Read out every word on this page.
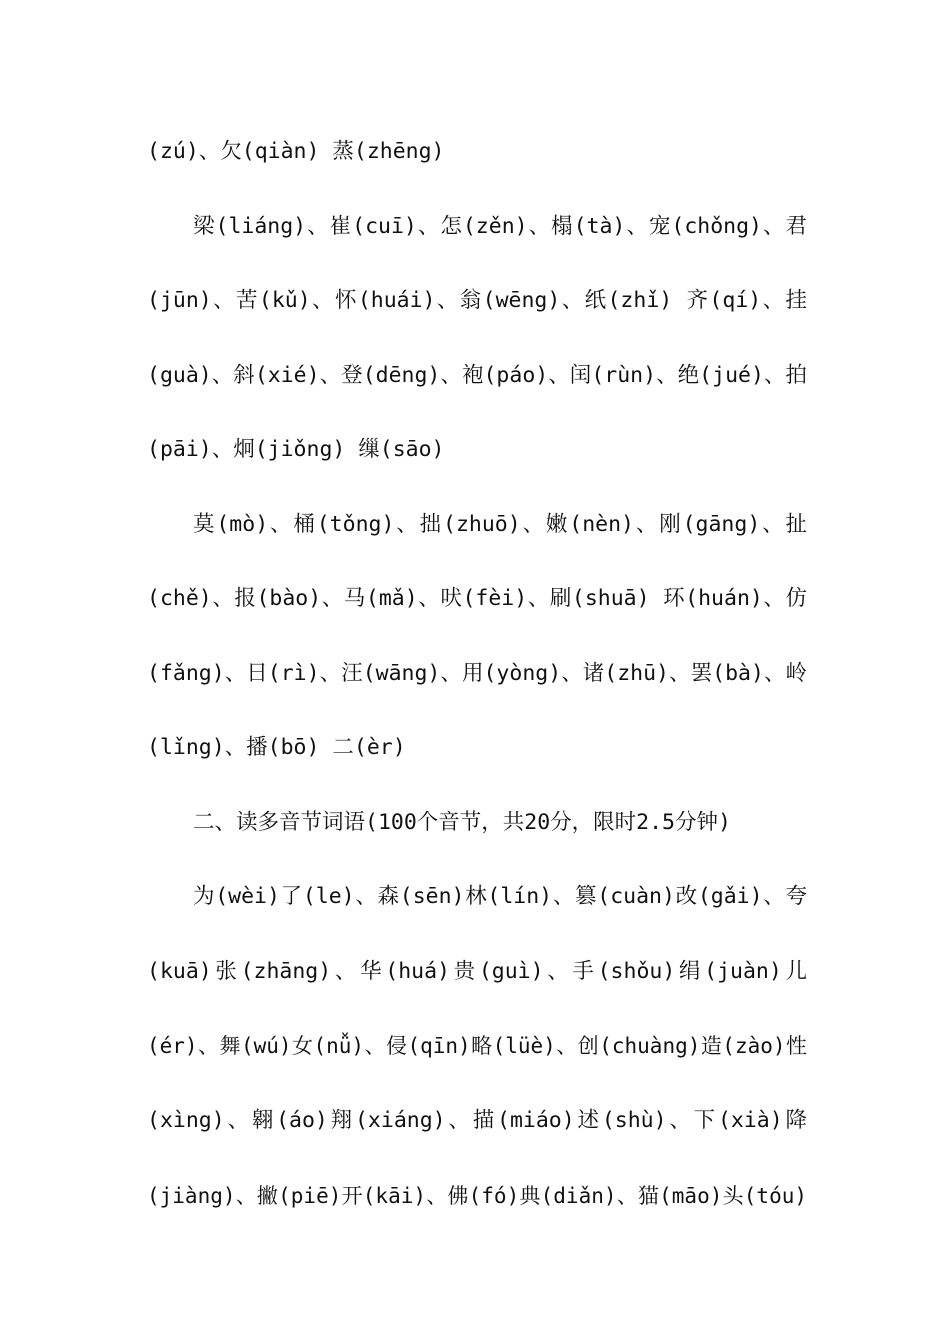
(zú)、欠(qiàn) 蒸(zhēng)
梁(liáng)、崔(cuī)、怎(zěn)、榻(tà)、宠(chǒng)、君
(jūn)、苦(kǔ)、怀(huái)、翁(wēng)、纸(zhǐ) 齐(qí)、挂
(guà)、斜(xié)、登(dēng)、袍(páo)、闰(rùn)、绝(jué)、拍
(pāi)、炯(jiǒng) 缫(sāo)
莫(mò)、桶(tǒng)、拙(zhuō)、嫩(nèn)、刚(gāng)、扯
(chě)、报(bào)、马(mǎ)、吠(fèi)、刷(shuā) 环(huán)、仿
(fǎng)、日(rì)、汪(wāng)、用(yòng)、诸(zhū)、罢(bà)、岭
(lǐng)、播(bō) 二(èr)
二、读多音节词语(100个音节，共20分，限时2.5分钟)
为(wèi)了(le)、森(sēn)林(lín)、篡(cuàn)改(gǎi)、夸
(kuā)张(zhāng)、华(huá)贵(guì)、手(shǒu)绢(juàn)儿
(ér)、舞(wú)女(nǚ)、侵(qīn)略(lüè)、创(chuàng)造(zào)性
(xìng)、翱(áo)翔(xiáng)、描(miáo)述(shù)、下(xià)降
(jiàng)、撇(piē)开(kāi)、佛(fó)典(diǎn)、猫(māo)头(tóu)
